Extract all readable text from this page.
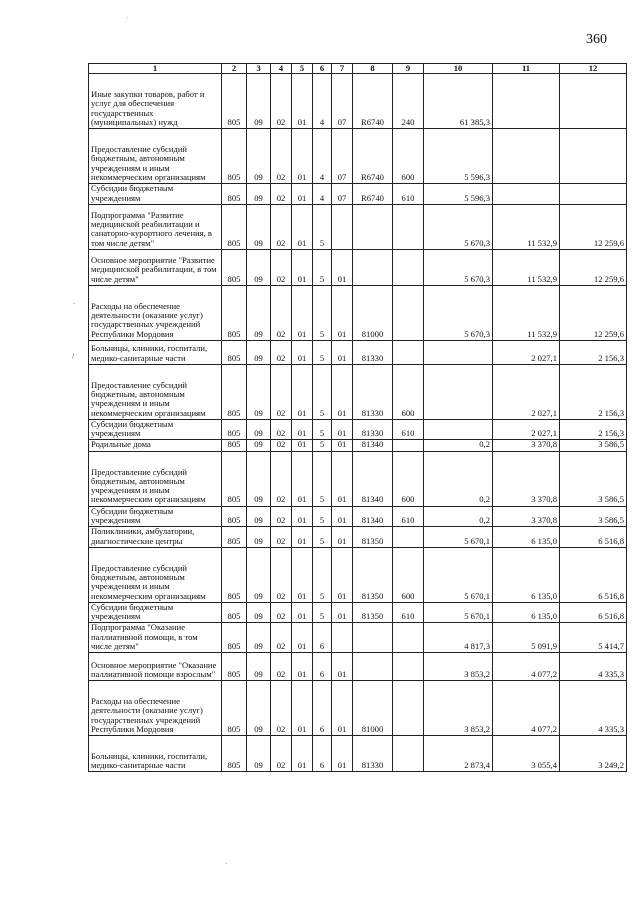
360
1	2	3	4	5	6	7	8	9	10	11	12
Иные закупки товаров, работ и услуг для обеспечения государственных (муниципальных) нужд	805	09	02	01	4	07	R6740	240	61 385,3		
Предоставление субсидий бюджетным, автономным учреждениям и иным некоммерческим организациям	805	09	02	01	4	07	R6740	600	5 596,3		
Субсидии бюджетным учреждениям	805	09	02	01	4	07	R6740	610	5 596,3		
Подпрограмма "Развитие медицинской реабилитации и санаторно-курортного лечения, в том числе детям"	805	09	02	01	5				5 670,3	11 532,9	12 259,6
Основное мероприятие "Развитие медицинской реабилитации, в том числе детям"	805	09	02	01	5	01			5 670,3	11 532,9	12 259,6
Расходы на обеспечение деятельности (оказание услуг) государственных учреждений Республики Мордовия	805	09	02	01	5	01	81000		5 670,3	11 532,9	12 259,6
Больницы, клиники, госпитали, медико-санитарные части	805	09	02	01	5	01	81330			2 027,1	2 156,3
Предоставление субсидий бюджетным, автономным учреждениям и иным некоммерческим организациям	805	09	02	01	5	01	81330	600		2 027,1	2 156,3
Субсидии бюджетным учреждениям	805	09	02	01	5	01	81330	610		2 027,1	2 156,3
Родильные дома	805	09	02	01	5	01	81340		0,2	3 370,8	3 586,5
Предоставление субсидий бюджетным, автономным учреждениям и иным некоммерческим организациям	805	09	02	01	5	01	81340	600	0,2	3 370,8	3 586,5
Субсидии бюджетным учреждениям	805	09	02	01	5	01	81340	610	0,2	3 370,8	3 586,5
Поликлиники, амбулатории, диагностические центры	805	09	02	01	5	01	81350		5 670,1	6 135,0	6 516,8
Предоставление субсидий бюджетным, автономным учреждениям и иным некоммерческим организациям	805	09	02	01	5	01	81350	600	5 670,1	6 135,0	6 516,8
Субсидии бюджетным учреждениям	805	09	02	01	5	01	81350	610	5 670,1	6 135,0	6 516,8
Подпрограмма "Оказание паллиативной помощи, в том числе детям"	805	09	02	01	6				4 817,3	5 091,9	5 414,7
Основное мероприятие "Оказание паллиативной помощи взрослым"	805	09	02	01	6	01			3 853,2	4 077,2	4 335,3
Расходы на обеспечение деятельности (оказание услуг) государственных учреждений Республики Мордовия	805	09	02	01	6	01	81000		3 853,2	4 077,2	4 335,3
Больницы, клиники, госпитали, медико-санитарные части	805	09	02	01	6	01	81330		2 873,4	3 055,4	3 249,2
·
-
/
·
